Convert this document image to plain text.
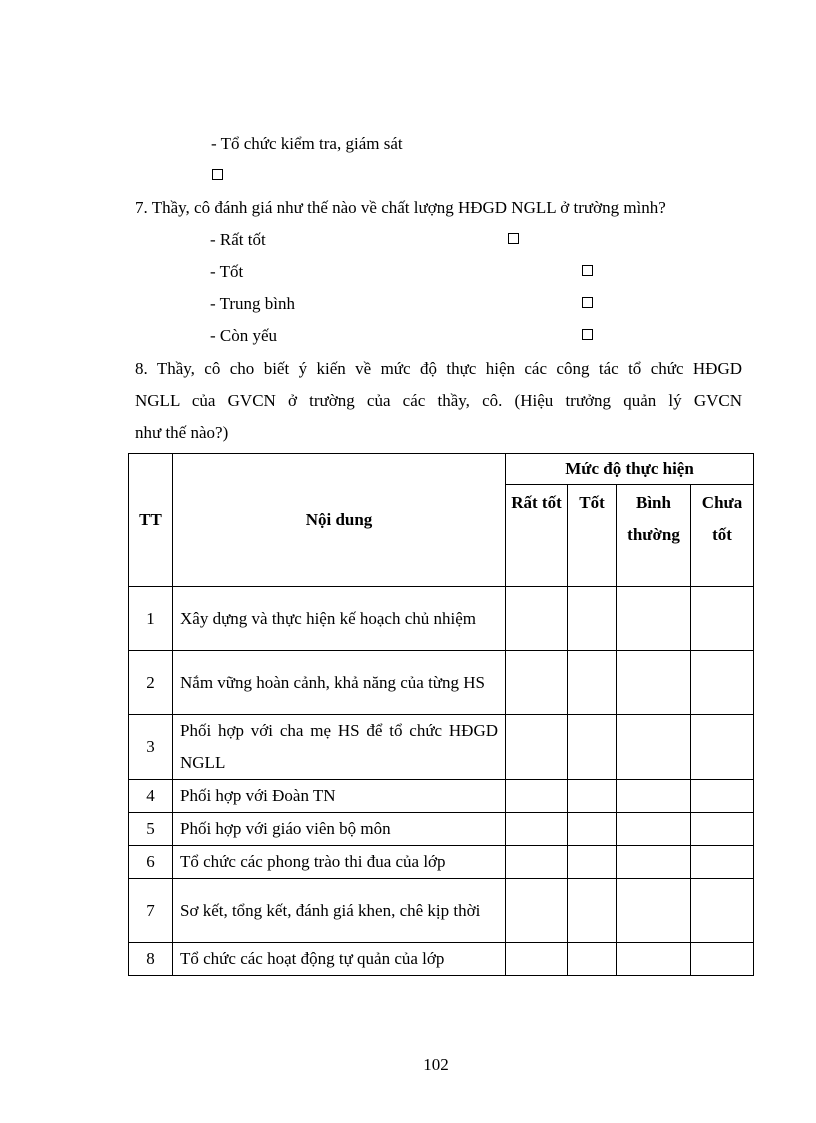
- Tổ chức kiểm tra, giám sát
7. Thầy, cô đánh giá như thế nào về chất lượng HĐGD NGLL ở trường mình?
- Rất tốt
- Tốt
- Trung bình
- Còn yếu
8. Thầy, cô cho biết ý kiến về mức độ thực hiện các công tác tổ chức HĐGD
NGLL của GVCN ở trường của các thầy, cô. (Hiệu trưởng quản lý GVCN
như thế nào?)
TT	Nội dung	Mức độ thực hiện			
		Rất tốt	Tốt	Bình thường	Chưa tốt
1	Xây dựng và thực hiện kế hoạch chủ nhiệm				
2	Nắm vững hoàn cảnh, khả năng của từng HS				
3	Phối hợp với cha mẹ HS để tổ chức HĐGD NGLL				
4	Phối hợp với Đoàn TN				
5	Phối hợp với giáo viên bộ môn				
6	Tổ chức các phong trào thi đua của lớp				
7	Sơ kết, tổng kết, đánh giá khen, chê kịp thời				
8	Tổ chức các hoạt động tự quản của lớp				
102
